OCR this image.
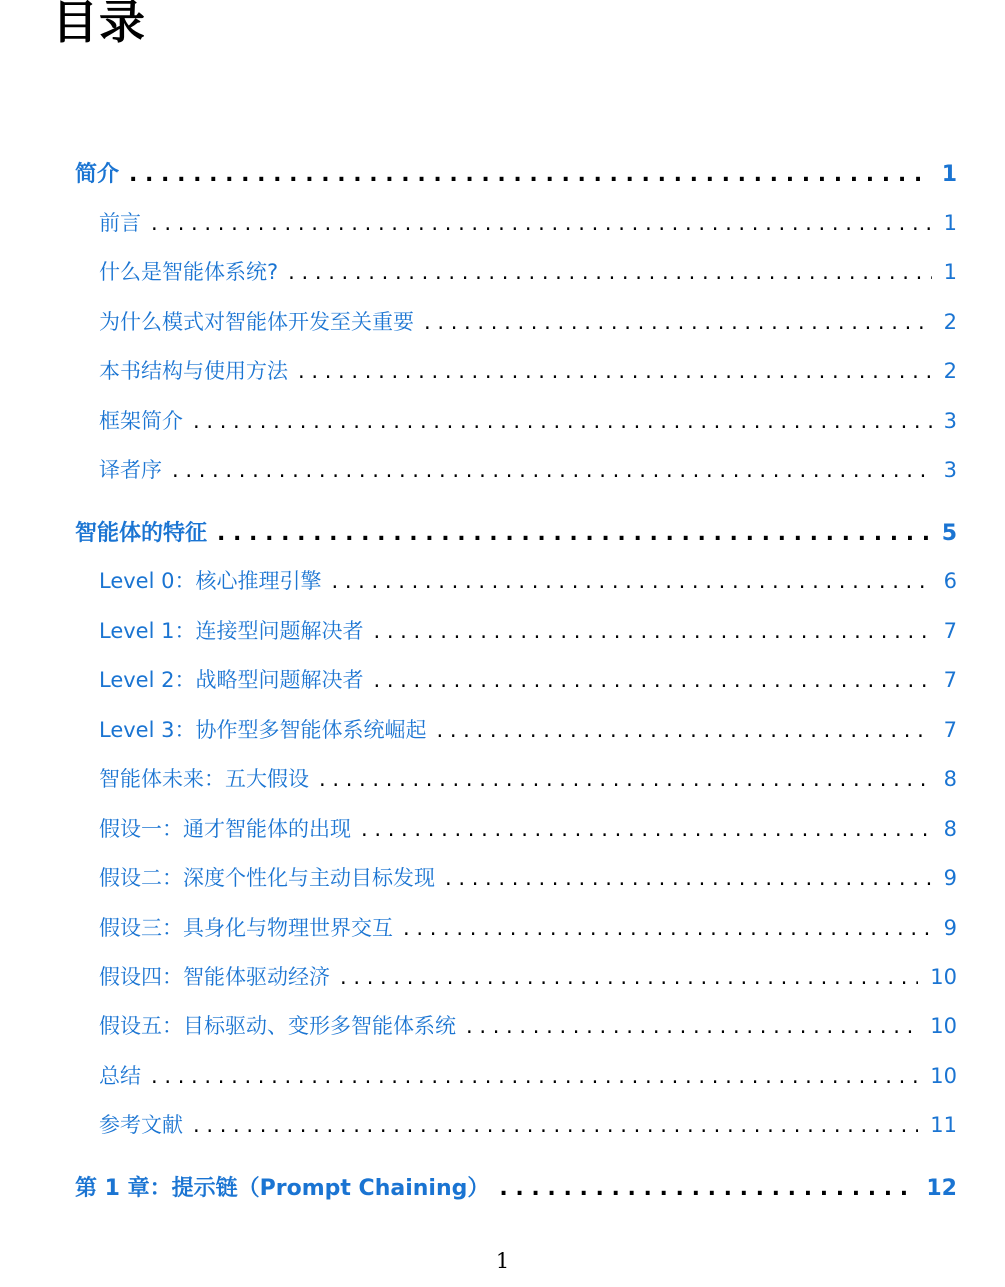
目录
简介 . . .	1
前言 . . .	1
什么是智能体系统? . . .	1
为什么模式对智能体开发至关重要 . . .	2
本书结构与使用方法 . . .	2
框架简介 . . .	3
译者序 . . .	3
智能体的特征 . . .	5
Level 0：核心推理引擎 . . .	6
Level 1：连接型问题解决者 . . .	7
Level 2：战略型问题解决者 . . .	7
Level 3：协作型多智能体系统崛起 . . .	7
智能体未来：五大假设 . . .	8
假设一：通才智能体的出现 . . .	8
假设二：深度个性化与主动目标发现 . . .	9
假设三：具身化与物理世界交互 . . .	9
假设四：智能体驱动经济 . . .	10
假设五：目标驱动、变形多智能体系统 . . .	10
总结 . . .	10
参考文献 . . .	11
第 1 章：提示链（Prompt Chaining） . . .	12
1
